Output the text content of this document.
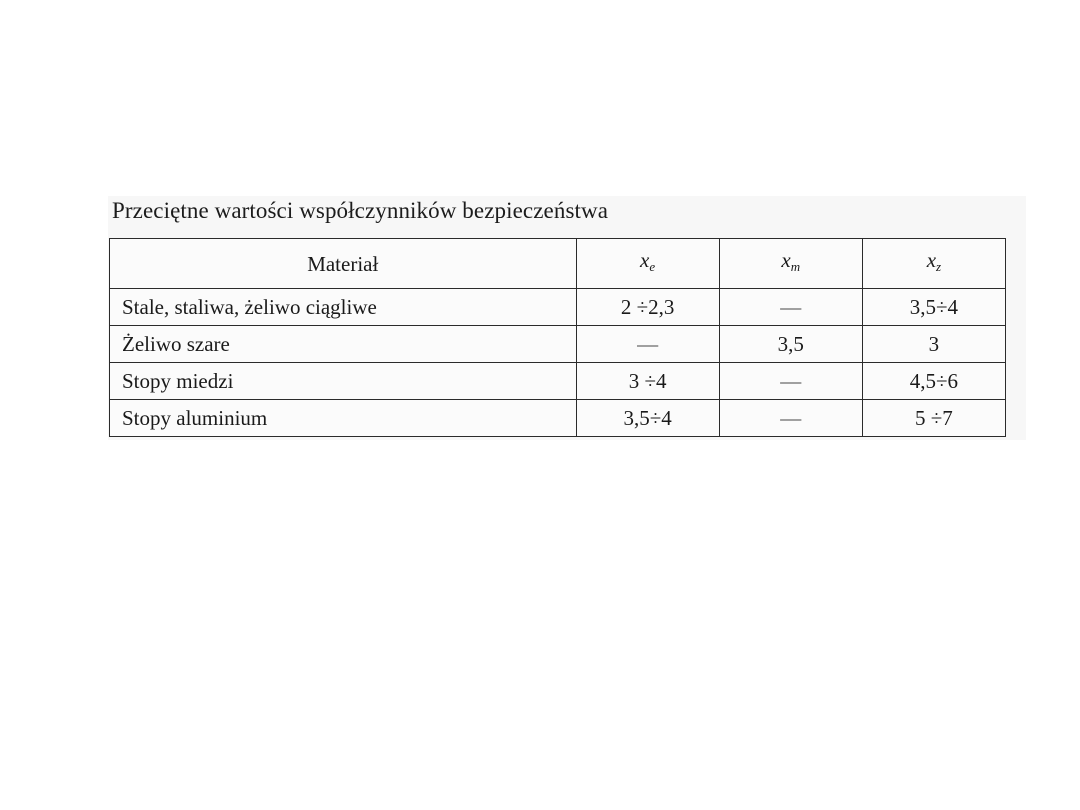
Przeciętne wartości współczynników bezpieczeństwa
Materiał	$x_e$	$x_m$	$x_z$
Stale, staliwa, żeliwo ciągliwe	2 ÷2,3	—	3,5÷4
Żeliwo szare	—	3,5	3
Stopy miedzi	3 ÷4	—	4,5÷6
Stopy aluminium	3,5÷4	—	5 ÷7
